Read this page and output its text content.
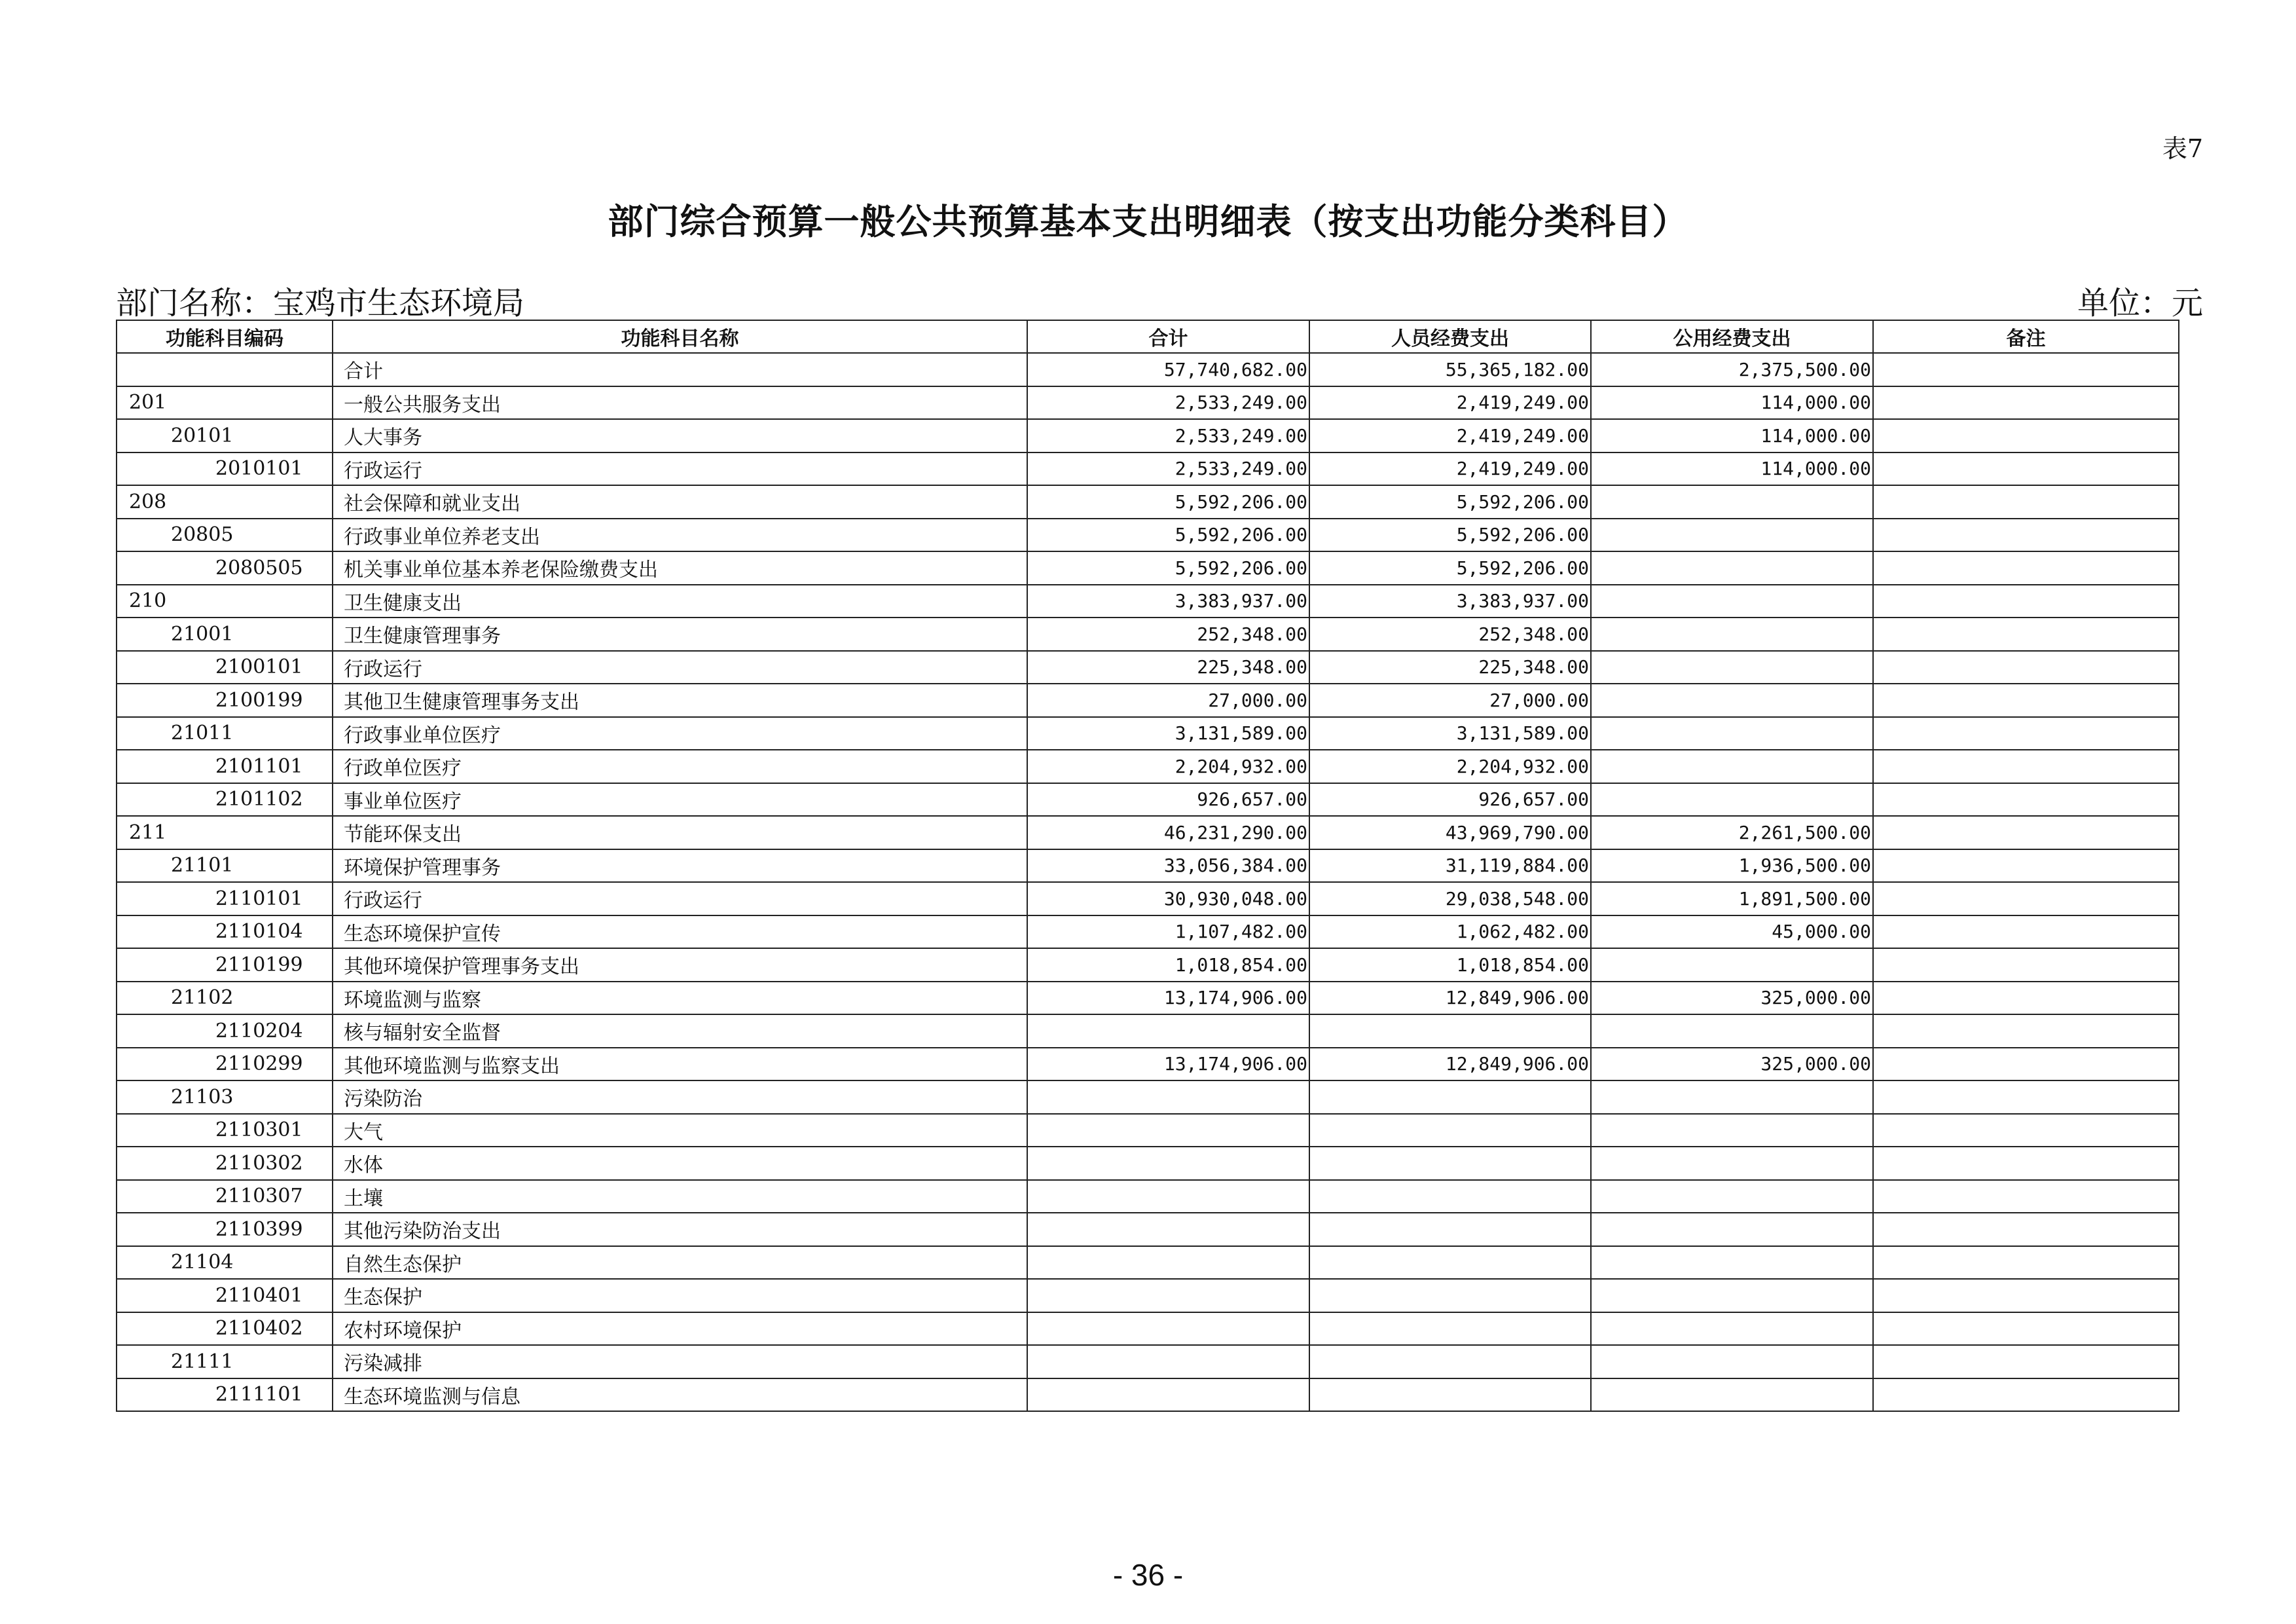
表7
部门综合预算一般公共预算基本支出明细表（按支出功能分类科目）
部门名称：宝鸡市生态环境局	单位：元
功能科目编码	功能科目名称	合计	人员经费支出	公用经费支出	备注
	合计	57,740,682.00	55,365,182.00	2,375,500.00	
201	一般公共服务支出	2,533,249.00	2,419,249.00	114,000.00	
20101	人大事务	2,533,249.00	2,419,249.00	114,000.00	
2010101	行政运行	2,533,249.00	2,419,249.00	114,000.00	
208	社会保障和就业支出	5,592,206.00	5,592,206.00		
20805	行政事业单位养老支出	5,592,206.00	5,592,206.00		
2080505	机关事业单位基本养老保险缴费支出	5,592,206.00	5,592,206.00		
210	卫生健康支出	3,383,937.00	3,383,937.00		
21001	卫生健康管理事务	252,348.00	252,348.00		
2100101	行政运行	225,348.00	225,348.00		
2100199	其他卫生健康管理事务支出	27,000.00	27,000.00		
21011	行政事业单位医疗	3,131,589.00	3,131,589.00		
2101101	行政单位医疗	2,204,932.00	2,204,932.00		
2101102	事业单位医疗	926,657.00	926,657.00		
211	节能环保支出	46,231,290.00	43,969,790.00	2,261,500.00	
21101	环境保护管理事务	33,056,384.00	31,119,884.00	1,936,500.00	
2110101	行政运行	30,930,048.00	29,038,548.00	1,891,500.00	
2110104	生态环境保护宣传	1,107,482.00	1,062,482.00	45,000.00	
2110199	其他环境保护管理事务支出	1,018,854.00	1,018,854.00		
21102	环境监测与监察	13,174,906.00	12,849,906.00	325,000.00	
2110204	核与辐射安全监督				
2110299	其他环境监测与监察支出	13,174,906.00	12,849,906.00	325,000.00	
21103	污染防治				
2110301	大气				
2110302	水体				
2110307	土壤				
2110399	其他污染防治支出				
21104	自然生态保护				
2110401	生态保护				
2110402	农村环境保护				
21111	污染减排				
2111101	生态环境监测与信息				
- 36 -
